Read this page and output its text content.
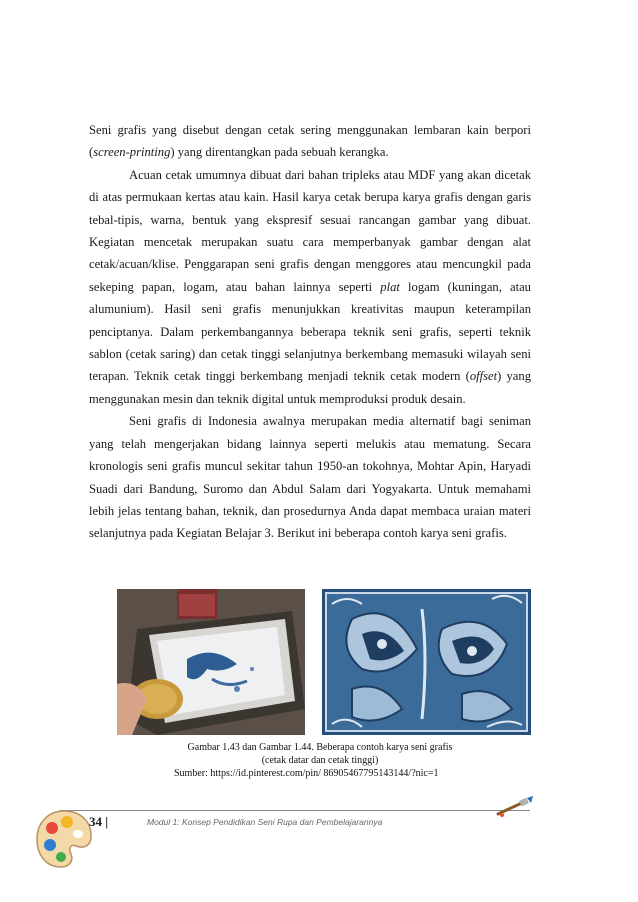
Seni grafis yang disebut dengan cetak sering menggunakan lembaran kain berpori (screen-printing) yang direntangkan pada sebuah kerangka.

Acuan cetak umumnya dibuat dari bahan tripleks atau MDF yang akan dicetak di atas permukaan kertas atau kain. Hasil karya cetak berupa karya grafis dengan garis tebal-tipis, warna, bentuk yang ekspresif sesuai rancangan gambar yang dibuat. Kegiatan mencetak merupakan suatu cara memperbanyak gambar dengan alat cetak/acuan/klise. Penggarapan seni grafis dengan menggores atau mencungkil pada sekeping papan, logam, atau bahan lainnya seperti plat logam (kuningan, atau alumunium). Hasil seni grafis menunjukkan kreativitas maupun keterampilan penciptanya. Dalam perkembangannya beberapa teknik seni grafis, seperti teknik sablon (cetak saring) dan cetak tinggi selanjutnya berkembang memasuki wilayah seni terapan. Teknik cetak tinggi berkembang menjadi teknik cetak modern (offset) yang menggunakan mesin dan teknik digital untuk memproduksi produk desain.

Seni grafis di Indonesia awalnya merupakan media alternatif bagi seniman yang telah mengerjakan bidang lainnya seperti melukis atau mematung. Secara kronologis seni grafis muncul sekitar tahun 1950-an tokohnya, Mohtar Apin, Haryadi Suadi dari Bandung, Suromo dan Abdul Salam dari Yogyakarta. Untuk memahami lebih jelas tentang bahan, teknik, dan prosedurnya Anda dapat membaca uraian materi selanjutnya pada Kegiatan Belajar 3. Berikut ini beberapa contoh karya seni grafis.

Gambar 1.43 dan Gambar 1.44. Beberapa contoh karya seni grafis
(cetak datar dan cetak tinggi)
Sumber: https://id.pinterest.com/pin/ 86905467795143144/?nic=1
34 |	Modul 1: Konsep Pendidikan Seni Rupa dan Pembelajarannya
